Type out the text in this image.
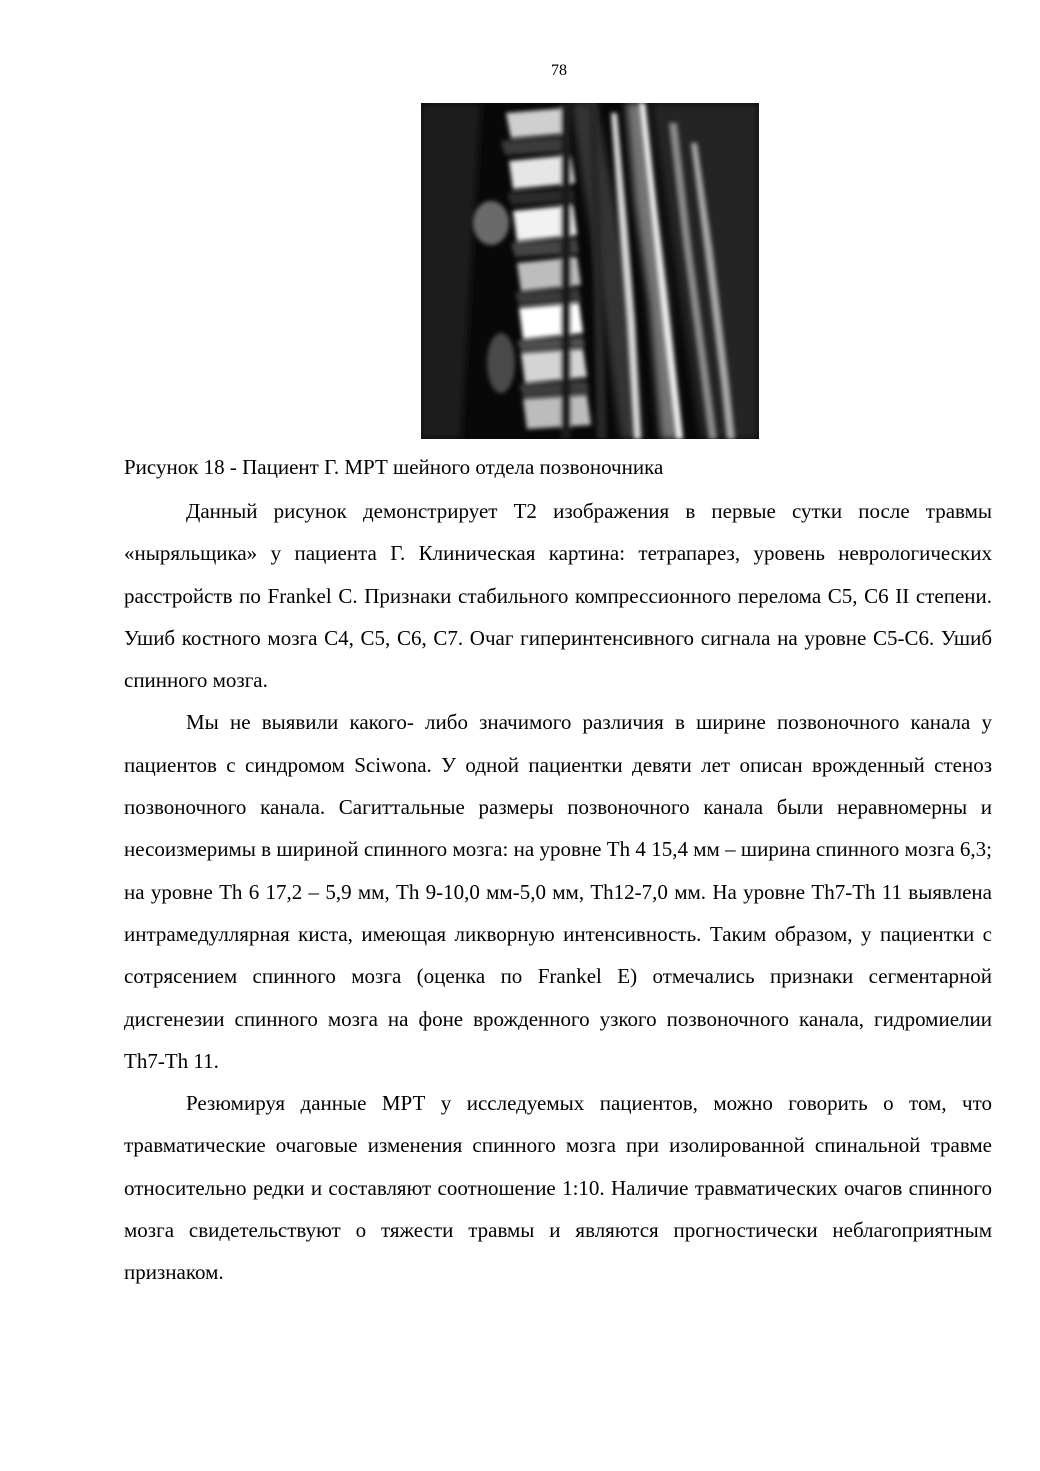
78
Рисунок 18 - Пациент Г. МРТ шейного отдела позвоночника

Данный рисунок демонстрирует Т2 изображения в первые сутки после травмы «ныряльщика» у пациента Г. Клиническая картина: тетрапарез, уровень неврологических расстройств по Frankel C. Признаки стабильного компрессионного перелома С5, С6 II степени. Ушиб костного мозга С4, С5, С6, С7. Очаг гиперинтенсивного сигнала на уровне С5-С6. Ушиб спинного мозга.

Мы не выявили какого- либо значимого различия в ширине позвоночного канала у пациентов с синдромом Sciwona. У одной пациентки девяти лет описан врожденный стеноз позвоночного канала. Сагиттальные размеры позвоночного канала были неравномерны и несоизмеримы в шириной спинного мозга: на уровне Th 4 15,4 мм – ширина спинного мозга 6,3; на уровне Th 6 17,2 – 5,9 мм, Th 9-10,0 мм-5,0 мм, Th12-7,0 мм. На уровне Th7-Th 11 выявлена интрамедуллярная киста, имеющая ликворную интенсивность. Таким образом, у пациентки с сотрясением спинного мозга (оценка по Frankel E) отмечались признаки сегментарной дисгенезии спинного мозга на фоне врожденного узкого позвоночного канала, гидромиелии Th7-Th 11.

Резюмируя данные МРТ у исследуемых пациентов, можно говорить о том, что травматические очаговые изменения спинного мозга при изолированной спинальной травме относительно редки и составляют соотношение 1:10. Наличие травматических очагов спинного мозга свидетельствуют о тяжести травмы и являются прогностически неблагоприятным признаком.
